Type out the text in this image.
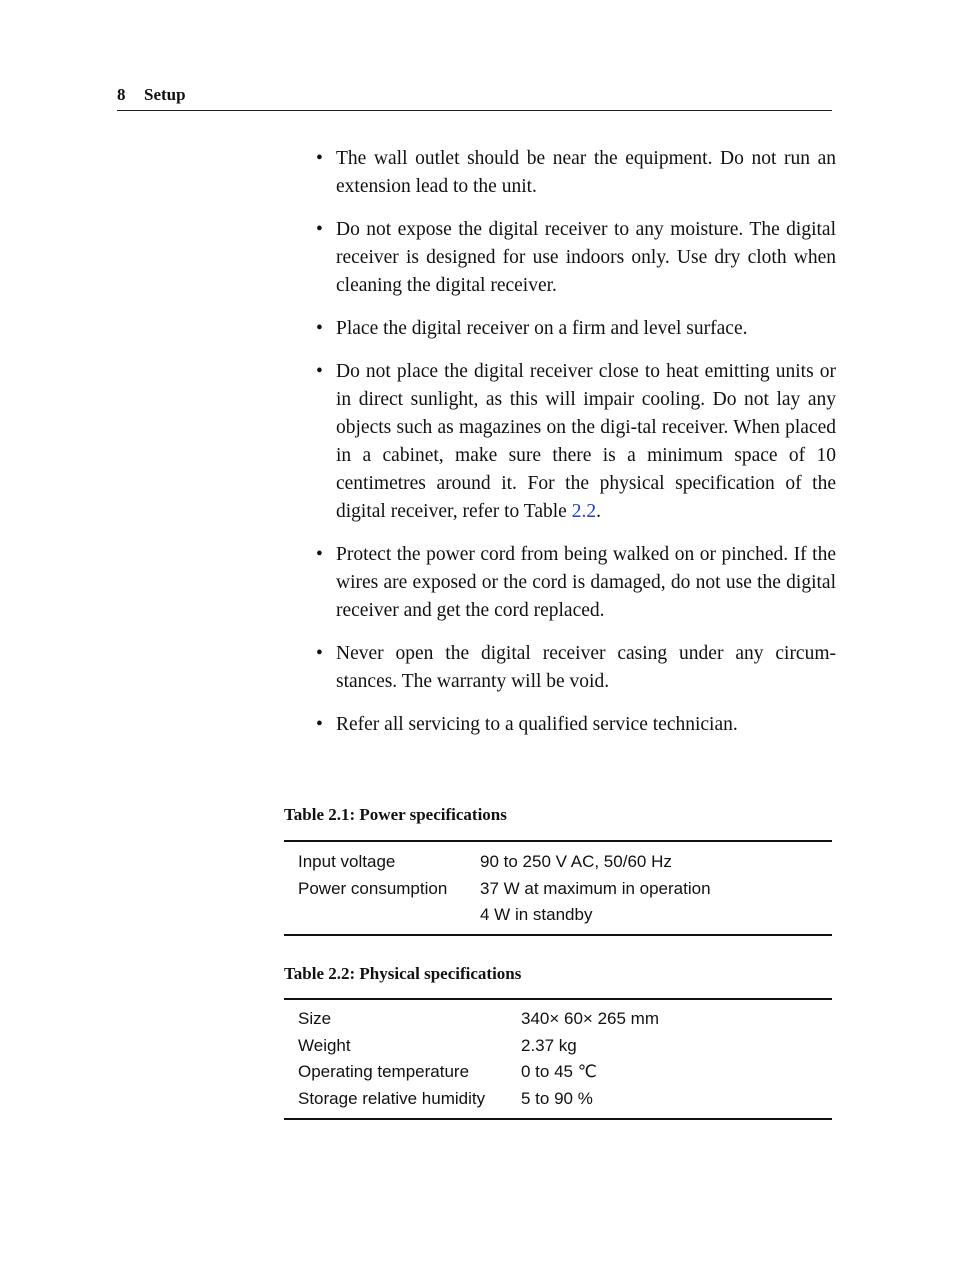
8 Setup
• The wall outlet should be near the equipment. Do not run an extension lead to the unit.
• Do not expose the digital receiver to any moisture. The digital receiver is designed for use indoors only. Use dry cloth when cleaning the digital receiver.
• Place the digital receiver on a firm and level surface.
• Do not place the digital receiver close to heat emitting units or in direct sunlight, as this will impair cooling. Do not lay any objects such as magazines on the digi-tal receiver. When placed in a cabinet, make sure there is a minimum space of 10 centimetres around it. For the physical specification of the digital receiver, refer to Table 2.2.
• Protect the power cord from being walked on or pinched. If the wires are exposed or the cord is damaged, do not use the digital receiver and get the cord replaced.
• Never open the digital receiver casing under any circum-stances. The warranty will be void.
• Refer all servicing to a qualified service technician.
Table 2.1: Power specifications
Input voltage	90 to 250 V AC, 50/60 Hz
Power consumption	37 W at maximum in operation
4 W in standby
Table 2.2: Physical specifications
Size	340× 60× 265 mm
Weight	2.37 kg
Operating temperature	0 to 45 ℃
Storage relative humidity	5 to 90 %
